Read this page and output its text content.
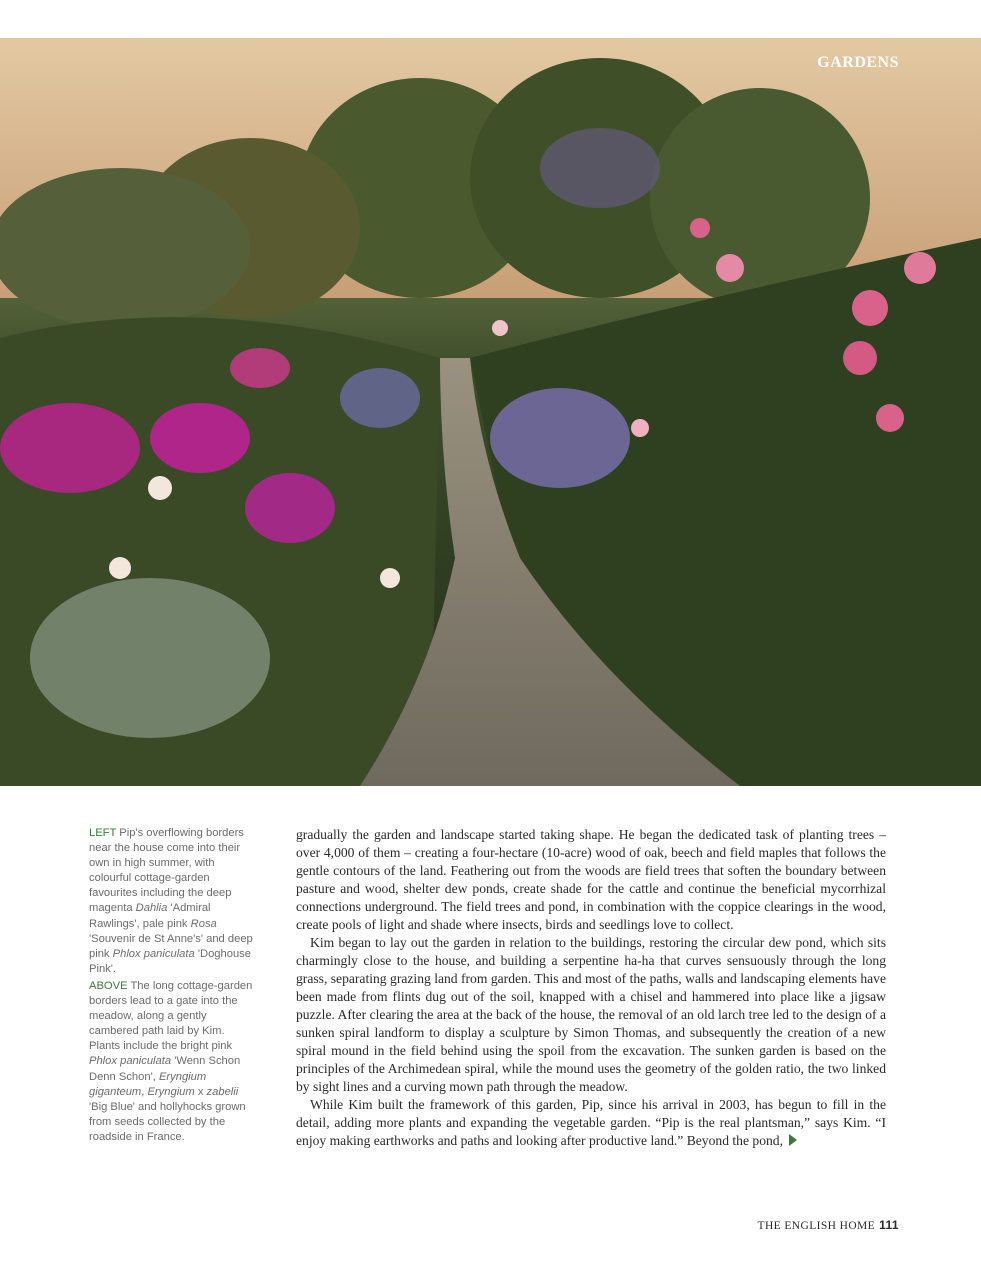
GARDENS

LEFT Pip's overflowing borders near the house come into their own in high summer, with colourful cottage-garden favourites including the deep magenta Dahlia 'Admiral Rawlings', pale pink Rosa 'Souvenir de St Anne's' and deep pink Phlox paniculata 'Doghouse Pink'.

ABOVE The long cottage-garden borders lead to a gate into the meadow, along a gently cambered path laid by Kim. Plants include the bright pink Phlox paniculata 'Wenn Schon Denn Schon', Eryngium giganteum, Eryngium x zabelii 'Big Blue' and hollyhocks grown from seeds collected by the roadside in France.

gradually the garden and landscape started taking shape. He began the dedicated task of planting trees – over 4,000 of them – creating a four-hectare (10-acre) wood of oak, beech and field maples that follows the gentle contours of the land. Feathering out from the woods are field trees that soften the boundary between pasture and wood, shelter dew ponds, create shade for the cattle and continue the beneficial mycorrhizal connections underground. The field trees and pond, in combination with the coppice clearings in the wood, create pools of light and shade where insects, birds and seedlings love to collect.

Kim began to lay out the garden in relation to the buildings, restoring the circular dew pond, which sits charmingly close to the house, and building a serpentine ha-ha that curves sensuously through the long grass, separating grazing land from garden. This and most of the paths, walls and landscaping elements have been made from flints dug out of the soil, knapped with a chisel and hammered into place like a jigsaw puzzle. After clearing the area at the back of the house, the removal of an old larch tree led to the design of a sunken spiral landform to display a sculpture by Simon Thomas, and subsequently the creation of a new spiral mound in the field behind using the spoil from the excavation. The sunken garden is based on the principles of the Archimedean spiral, while the mound uses the geometry of the golden ratio, the two linked by sight lines and a curving mown path through the meadow.

While Kim built the framework of this garden, Pip, since his arrival in 2003, has begun to fill in the detail, adding more plants and expanding the vegetable garden. “Pip is the real plantsman,” says Kim. “I enjoy making earthworks and paths and looking after productive land.” Beyond the pond,

THE ENGLISH HOME 111
